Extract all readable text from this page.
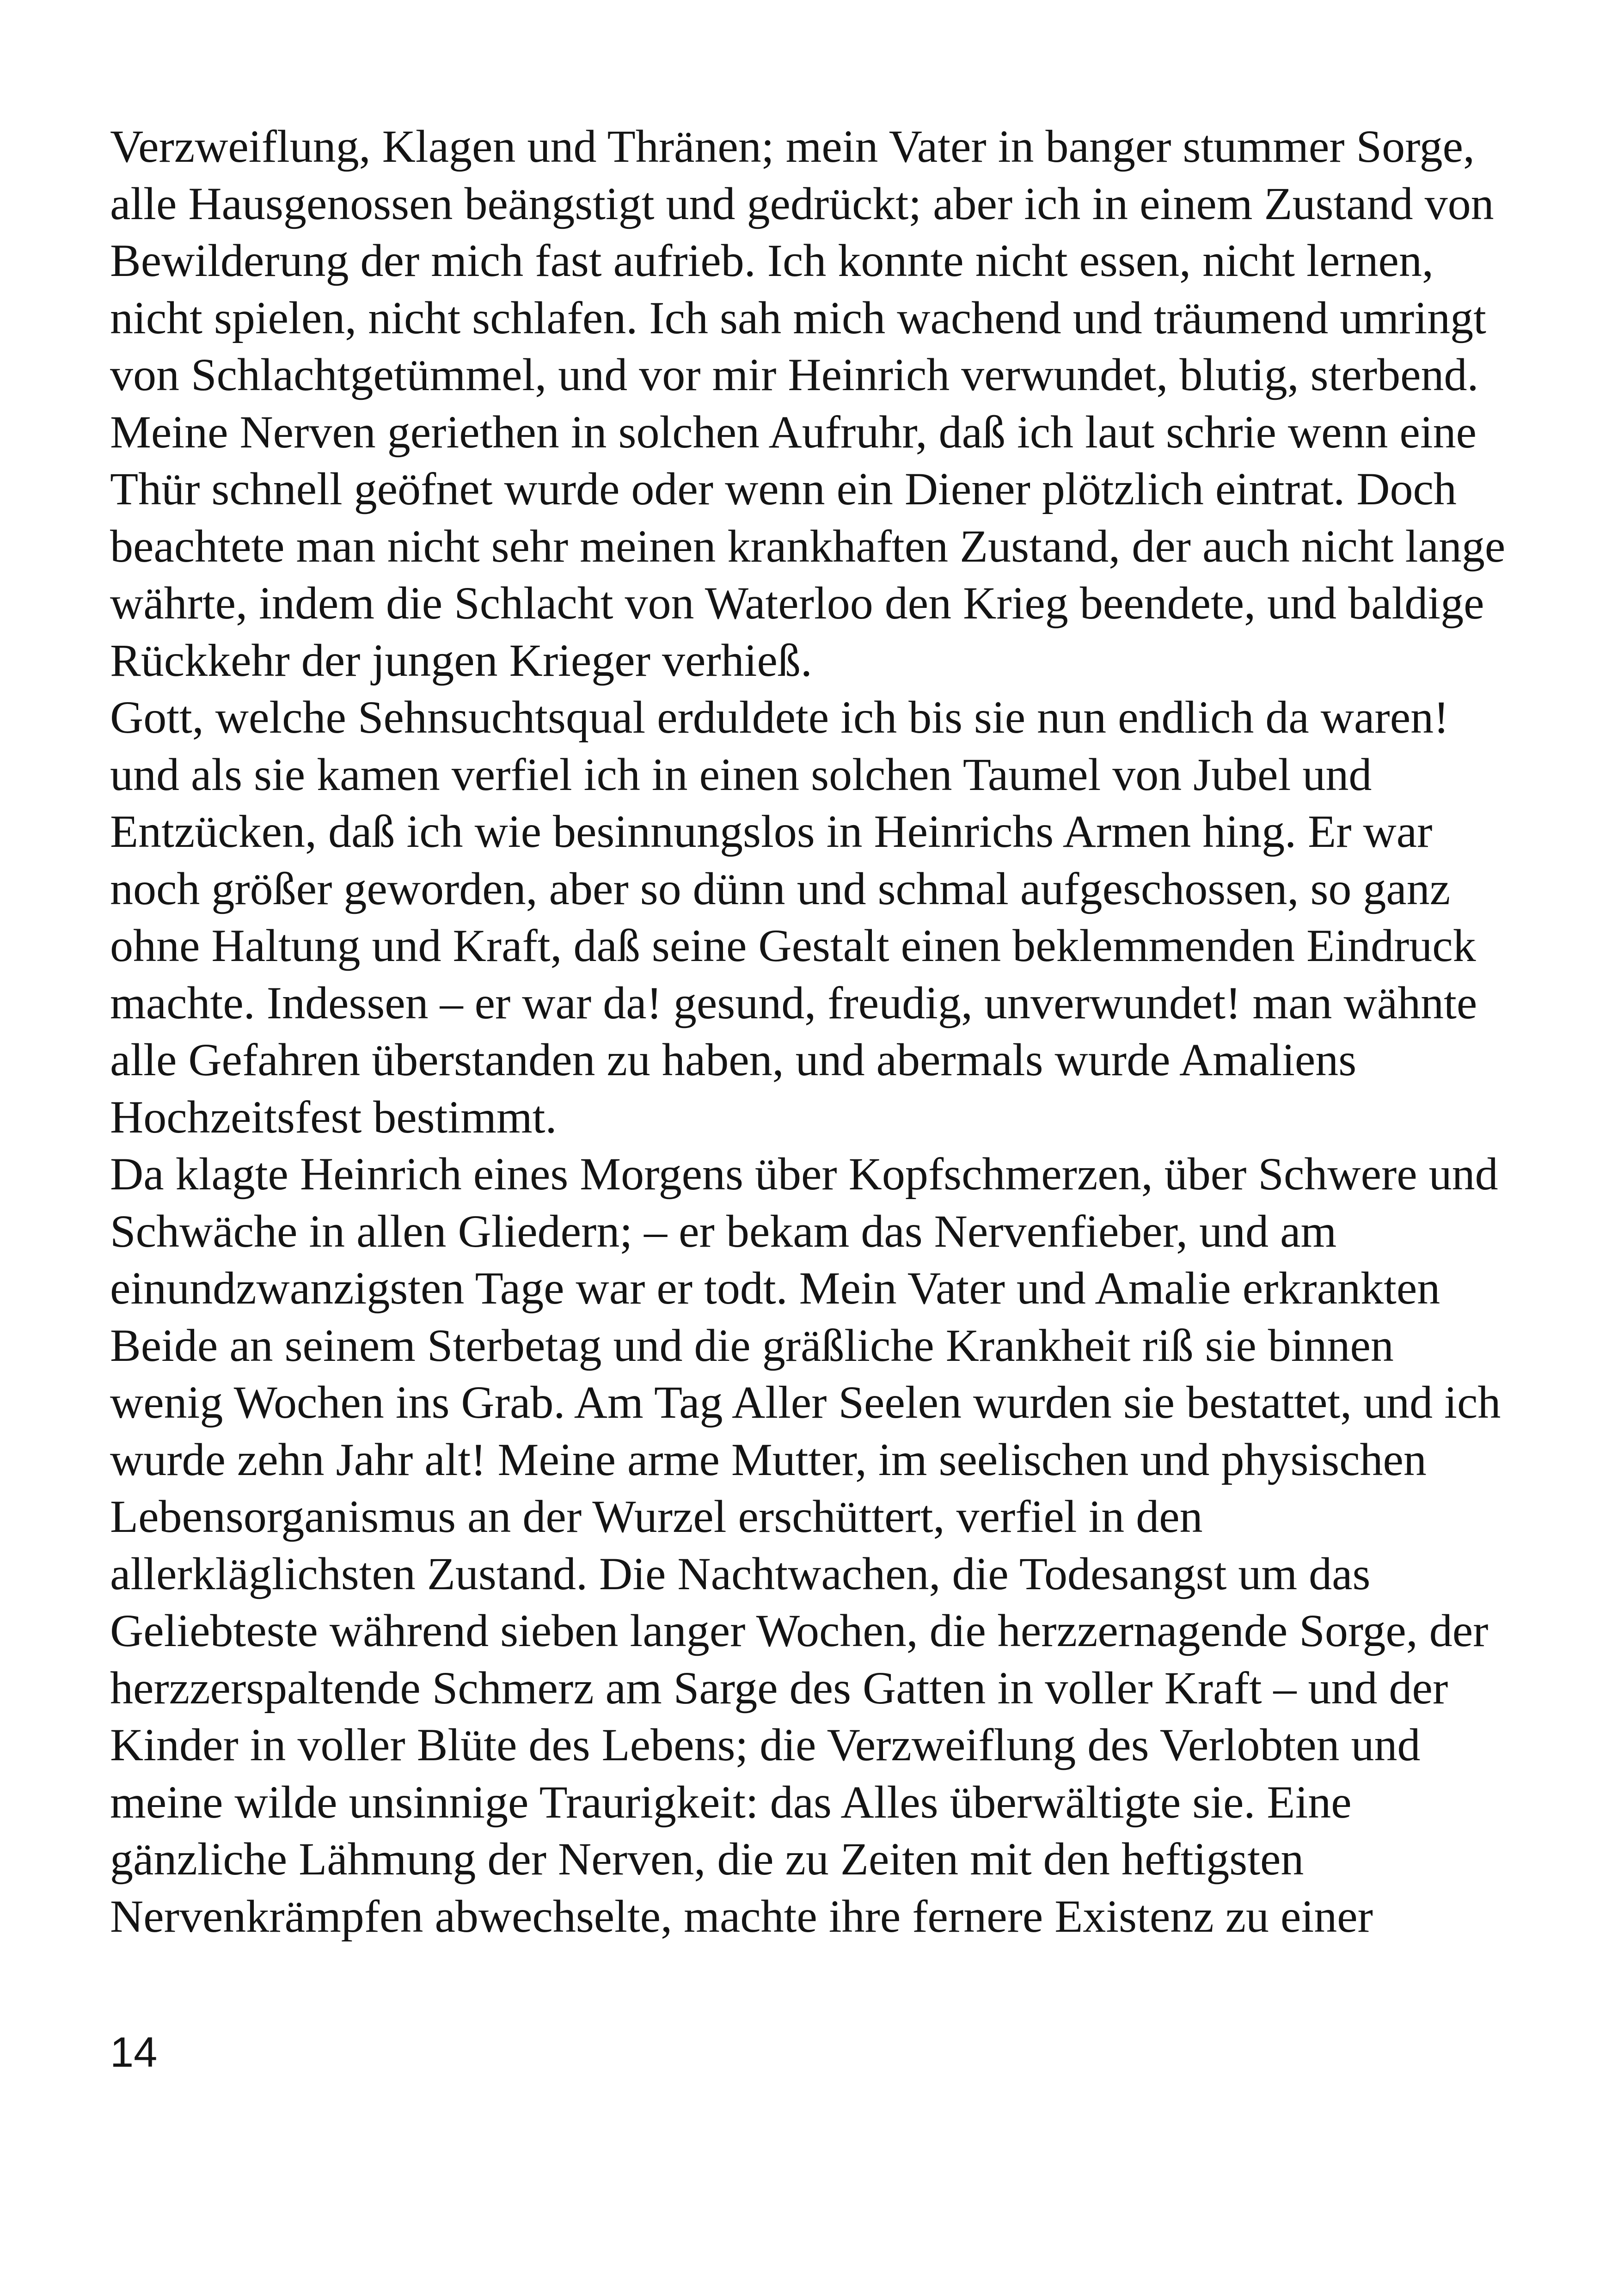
Verzweiflung, Klagen und Thränen; mein Vater in banger stummer Sorge,
alle Hausgenossen beängstigt und gedrückt; aber ich in einem Zustand von
Bewilderung der mich fast aufrieb. Ich konnte nicht essen, nicht lernen,
nicht spielen, nicht schlafen. Ich sah mich wachend und träumend umringt
von Schlachtgetümmel, und vor mir Heinrich verwundet, blutig, sterbend.
Meine Nerven geriethen in solchen Aufruhr, daß ich laut schrie wenn eine
Thür schnell geöfnet wurde oder wenn ein Diener plötzlich eintrat. Doch
beachtete man nicht sehr meinen krankhaften Zustand, der auch nicht lange
währte, indem die Schlacht von Waterloo den Krieg beendete, und baldige
Rückkehr der jungen Krieger verhieß.
Gott, welche Sehnsuchtsqual erduldete ich bis sie nun endlich da waren!
und als sie kamen verfiel ich in einen solchen Taumel von Jubel und
Entzücken, daß ich wie besinnungslos in Heinrichs Armen hing. Er war
noch größer geworden, aber so dünn und schmal aufgeschossen, so ganz
ohne Haltung und Kraft, daß seine Gestalt einen beklemmenden Eindruck
machte. Indessen – er war da! gesund, freudig, unverwundet! man wähnte
alle Gefahren überstanden zu haben, und abermals wurde Amaliens
Hochzeitsfest bestimmt.
Da klagte Heinrich eines Morgens über Kopfschmerzen, über Schwere und
Schwäche in allen Gliedern; – er bekam das Nervenfieber, und am
einundzwanzigsten Tage war er todt. Mein Vater und Amalie erkrankten
Beide an seinem Sterbetag und die gräßliche Krankheit riß sie binnen
wenig Wochen ins Grab. Am Tag Aller Seelen wurden sie bestattet, und ich
wurde zehn Jahr alt! Meine arme Mutter, im seelischen und physischen
Lebensorganismus an der Wurzel erschüttert, verfiel in den
allerkläglichsten Zustand. Die Nachtwachen, die Todesangst um das
Geliebteste während sieben langer Wochen, die herzzernagende Sorge, der
herzzerspaltende Schmerz am Sarge des Gatten in voller Kraft – und der
Kinder in voller Blüte des Lebens; die Verzweiflung des Verlobten und
meine wilde unsinnige Traurigkeit: das Alles überwältigte sie. Eine
gänzliche Lähmung der Nerven, die zu Zeiten mit den heftigsten
Nervenkrämpfen abwechselte, machte ihre fernere Existenz zu einer
14
